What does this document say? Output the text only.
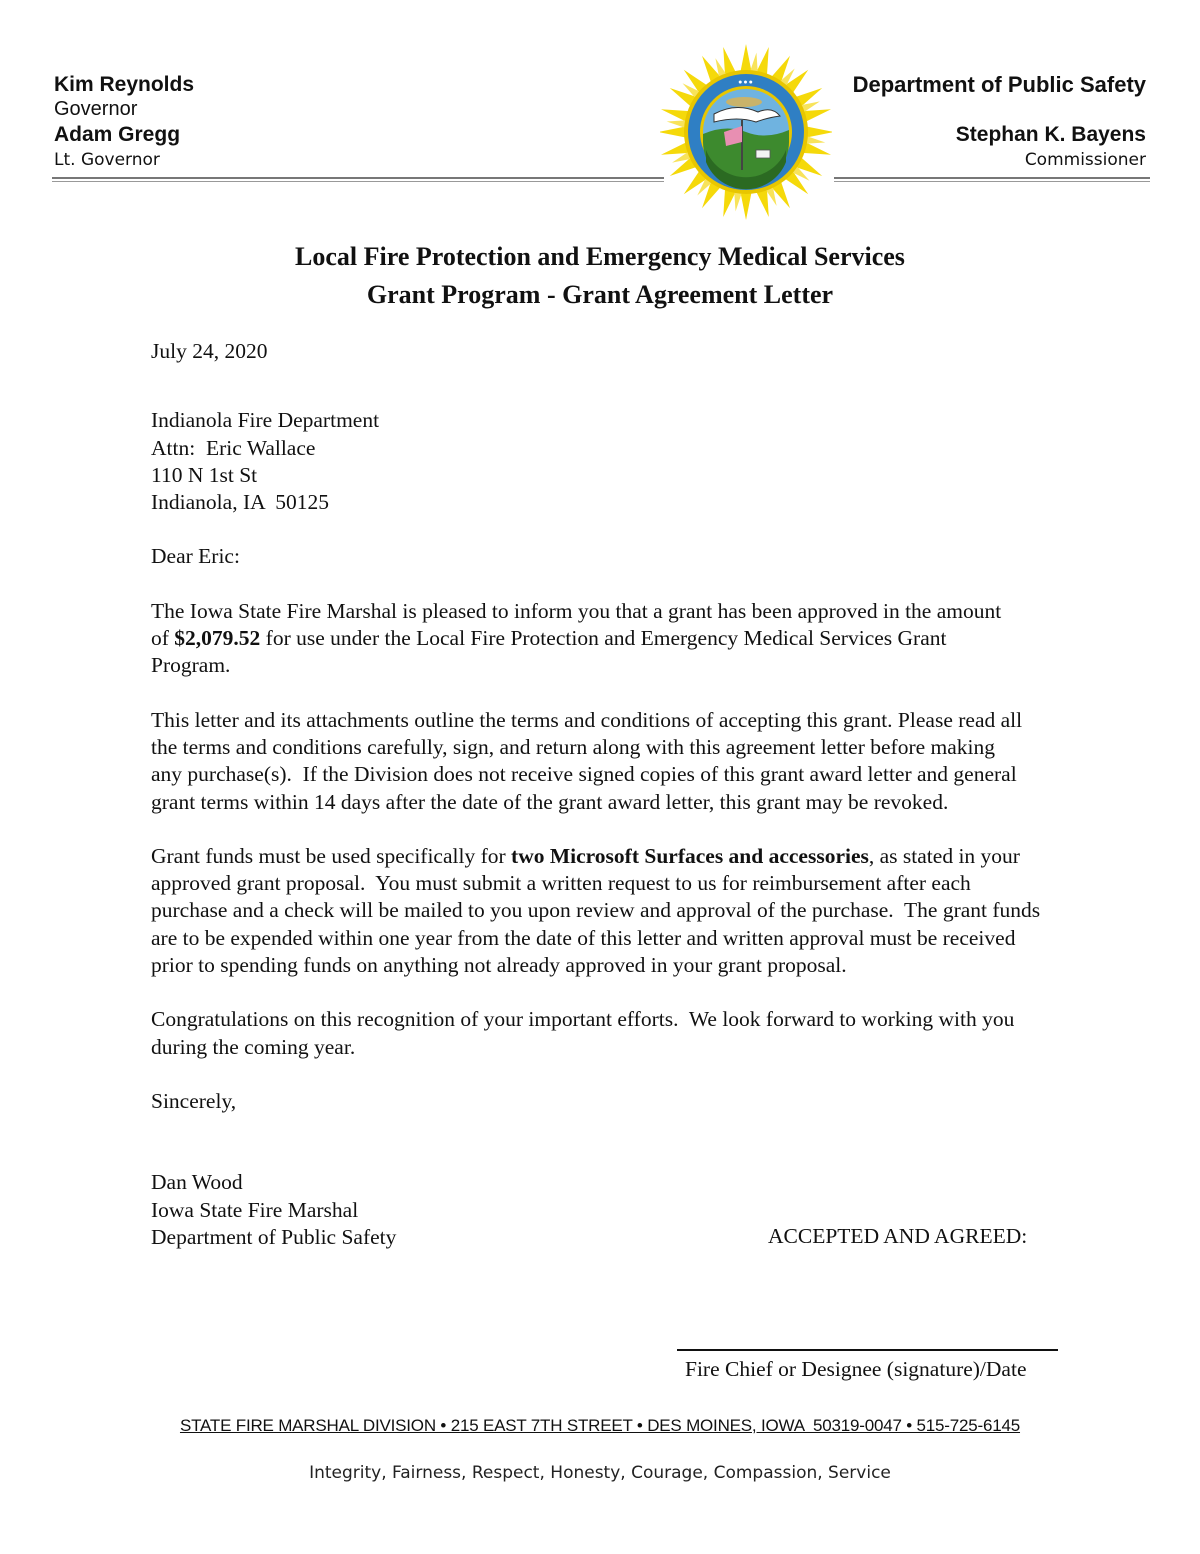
Kim Reynolds
Governor
Adam Gregg
Lt. Governor
●●●	Department of Public Safety
Stephan K. Bayens
Commissioner
Local Fire Protection and Emergency Medical Services
Grant Program - Grant Agreement Letter

July 24, 2020

Indianola Fire Department

Attn:  Eric Wallace

110 N 1st St

Indianola, IA  50125

Dear Eric:

The Iowa State Fire Marshal is pleased to inform you that a grant has been approved in the amount of $2,079.52 for use under the Local Fire Protection and Emergency Medical Services Grant Program.

This letter and its attachments outline the terms and conditions of accepting this grant. Please read all the terms and conditions carefully, sign, and return along with this agreement letter before making any purchase(s).  If the Division does not receive signed copies of this grant award letter and general grant terms within 14 days after the date of the grant award letter, this grant may be revoked.

Grant funds must be used specifically for two Microsoft Surfaces and accessories, as stated in your approved grant proposal.  You must submit a written request to us for reimbursement after each purchase and a check will be mailed to you upon review and approval of the purchase.  The grant funds are to be expended within one year from the date of this letter and written approval must be received prior to spending funds on anything not already approved in your grant proposal.

Congratulations on this recognition of your important efforts.  We look forward to working with you during the coming year.

Sincerely,

Dan Wood

Iowa State Fire Marshal

Department of Public Safety	ACCEPTED AND AGREED:
Fire Chief or Designee (signature)/Date
STATE FIRE MARSHAL DIVISION • 215 EAST 7TH STREET • DES MOINES, IOWA  50319-0047 • 515-725-6145
Integrity, Fairness, Respect, Honesty, Courage, Compassion, Service
